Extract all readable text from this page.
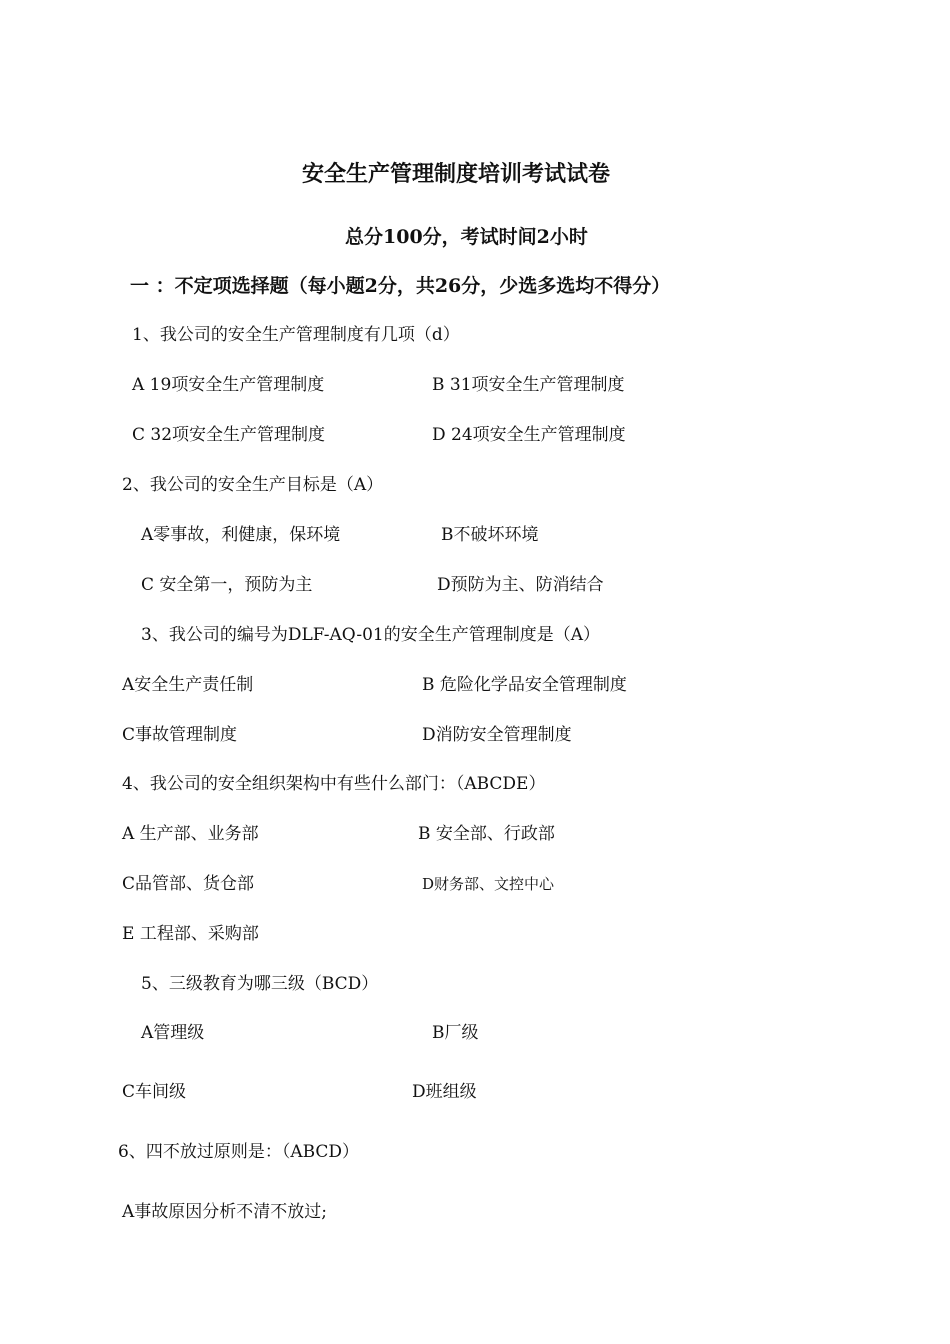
安全生产管理制度培训考试试卷
总分100分，考试时间2小时
一 ：不定项选择题（每小题2分，共26分，少选多选均不得分）
1、我公司的安全生产管理制度有几项（d）
A 19项安全生产管理制度	B 31项安全生产管理制度
C 32项安全生产管理制度	D 24项安全生产管理制度
2、我公司的安全生产目标是（A）
A零事故，利健康，保环境	B不破坏环境
C 安全第一，预防为主	D预防为主、防消结合
3、我公司的编号为DLF-AQ-01的安全生产管理制度是（A）
A安全生产责任制	B 危险化学品安全管理制度
C事故管理制度	D消防安全管理制度
4、我公司的安全组织架构中有些什么部门：（ABCDE）
A 生产部、业务部	B 安全部、行政部
C品管部、货仓部	D财务部、文控中心
E 工程部、采购部
5、三级教育为哪三级（BCD）
A管理级	B厂级
C车间级	D班组级
6、四不放过原则是：（ABCD）
A事故原因分析不清不放过;
